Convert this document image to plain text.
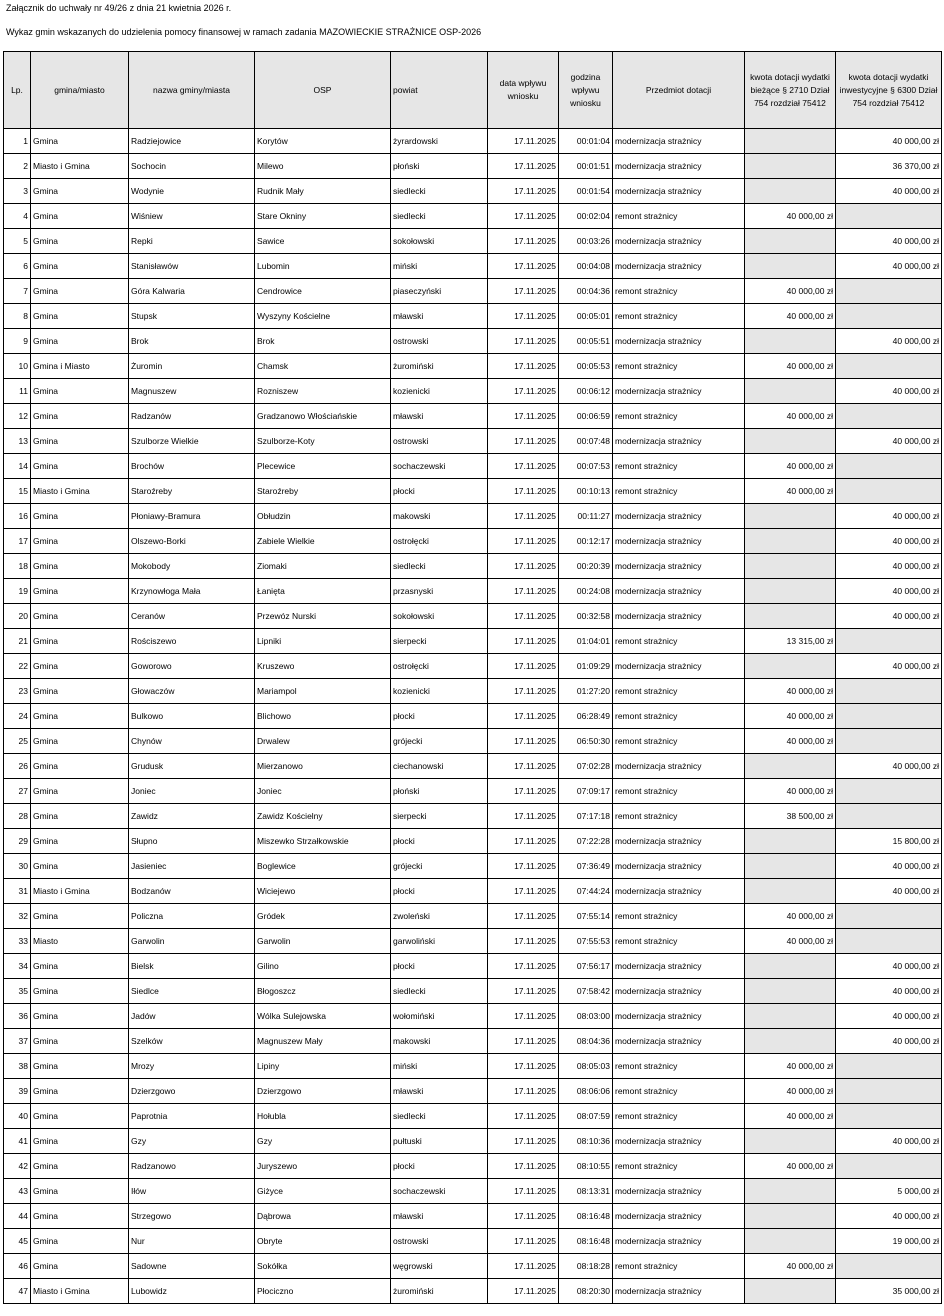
Załącznik do uchwały nr 49/26 z dnia 21 kwietnia 2026 r.
Wykaz gmin wskazanych do udzielenia pomocy finansowej w ramach zadania MAZOWIECKIE STRAŻNICE OSP-2026
Lp.	gmina/miasto	nazwa gminy/miasta	OSP	powiat	data wpływu wniosku	godzina wpływu wniosku	Przedmiot dotacji	kwota dotacji wydatki bieżące § 2710 Dział 754 rozdział 75412	kwota dotacji wydatki inwestycyjne § 6300 Dział 754 rozdział 75412
1	Gmina	Radziejowice	Korytów	żyrardowski	17.11.2025	00:01:04	modernizacja strażnicy		40 000,00 zł
2	Miasto i Gmina	Sochocin	Milewo	płoński	17.11.2025	00:01:51	modernizacja strażnicy		36 370,00 zł
3	Gmina	Wodynie	Rudnik Mały	siedlecki	17.11.2025	00:01:54	modernizacja strażnicy		40 000,00 zł
4	Gmina	Wiśniew	Stare Okniny	siedlecki	17.11.2025	00:02:04	remont strażnicy	40 000,00 zł	
5	Gmina	Repki	Sawice	sokołowski	17.11.2025	00:03:26	modernizacja strażnicy		40 000,00 zł
6	Gmina	Stanisławów	Lubomin	miński	17.11.2025	00:04:08	modernizacja strażnicy		40 000,00 zł
7	Gmina	Góra Kalwaria	Cendrowice	piaseczyński	17.11.2025	00:04:36	remont strażnicy	40 000,00 zł	
8	Gmina	Stupsk	Wyszyny Kościelne	mławski	17.11.2025	00:05:01	remont strażnicy	40 000,00 zł	
9	Gmina	Brok	Brok	ostrowski	17.11.2025	00:05:51	modernizacja strażnicy		40 000,00 zł
10	Gmina i Miasto	Żuromin	Chamsk	żuromiński	17.11.2025	00:05:53	remont strażnicy	40 000,00 zł	
11	Gmina	Magnuszew	Rozniszew	kozienicki	17.11.2025	00:06:12	modernizacja strażnicy		40 000,00 zł
12	Gmina	Radzanów	Gradzanowo Włościańskie	mławski	17.11.2025	00:06:59	remont strażnicy	40 000,00 zł	
13	Gmina	Szulborze Wielkie	Szulborze-Koty	ostrowski	17.11.2025	00:07:48	modernizacja strażnicy		40 000,00 zł
14	Gmina	Brochów	Plecewice	sochaczewski	17.11.2025	00:07:53	remont strażnicy	40 000,00 zł	
15	Miasto i Gmina	Staroźreby	Staroźreby	płocki	17.11.2025	00:10:13	remont strażnicy	40 000,00 zł	
16	Gmina	Płoniawy-Bramura	Obłudzin	makowski	17.11.2025	00:11:27	modernizacja strażnicy		40 000,00 zł
17	Gmina	Olszewo-Borki	Zabiele Wielkie	ostrołęcki	17.11.2025	00:12:17	modernizacja strażnicy		40 000,00 zł
18	Gmina	Mokobody	Ziomaki	siedlecki	17.11.2025	00:20:39	modernizacja strażnicy		40 000,00 zł
19	Gmina	Krzynowłoga Mała	Łanięta	przasnyski	17.11.2025	00:24:08	modernizacja strażnicy		40 000,00 zł
20	Gmina	Ceranów	Przewóz Nurski	sokołowski	17.11.2025	00:32:58	modernizacja strażnicy		40 000,00 zł
21	Gmina	Rościszewo	Lipniki	sierpecki	17.11.2025	01:04:01	remont strażnicy	13 315,00 zł	
22	Gmina	Goworowo	Kruszewo	ostrołęcki	17.11.2025	01:09:29	modernizacja strażnicy		40 000,00 zł
23	Gmina	Głowaczów	Mariampol	kozienicki	17.11.2025	01:27:20	remont strażnicy	40 000,00 zł	
24	Gmina	Bulkowo	Blichowo	płocki	17.11.2025	06:28:49	remont strażnicy	40 000,00 zł	
25	Gmina	Chynów	Drwalew	grójecki	17.11.2025	06:50:30	remont strażnicy	40 000,00 zł	
26	Gmina	Grudusk	Mierzanowo	ciechanowski	17.11.2025	07:02:28	modernizacja strażnicy		40 000,00 zł
27	Gmina	Joniec	Joniec	płoński	17.11.2025	07:09:17	remont strażnicy	40 000,00 zł	
28	Gmina	Zawidz	Zawidz Kościelny	sierpecki	17.11.2025	07:17:18	remont strażnicy	38 500,00 zł	
29	Gmina	Słupno	Miszewko Strzałkowskie	płocki	17.11.2025	07:22:28	modernizacja strażnicy		15 800,00 zł
30	Gmina	Jasieniec	Boglewice	grójecki	17.11.2025	07:36:49	modernizacja strażnicy		40 000,00 zł
31	Miasto i Gmina	Bodzanów	Wiciejewo	płocki	17.11.2025	07:44:24	modernizacja strażnicy		40 000,00 zł
32	Gmina	Policzna	Gródek	zwoleński	17.11.2025	07:55:14	remont strażnicy	40 000,00 zł	
33	Miasto	Garwolin	Garwolin	garwoliński	17.11.2025	07:55:53	remont strażnicy	40 000,00 zł	
34	Gmina	Bielsk	Gilino	płocki	17.11.2025	07:56:17	modernizacja strażnicy		40 000,00 zł
35	Gmina	Siedlce	Błogoszcz	siedlecki	17.11.2025	07:58:42	modernizacja strażnicy		40 000,00 zł
36	Gmina	Jadów	Wólka Sulejowska	wołomiński	17.11.2025	08:03:00	modernizacja strażnicy		40 000,00 zł
37	Gmina	Szelków	Magnuszew Mały	makowski	17.11.2025	08:04:36	modernizacja strażnicy		40 000,00 zł
38	Gmina	Mrozy	Lipiny	miński	17.11.2025	08:05:03	remont strażnicy	40 000,00 zł	
39	Gmina	Dzierzgowo	Dzierzgowo	mławski	17.11.2025	08:06:06	remont strażnicy	40 000,00 zł	
40	Gmina	Paprotnia	Hołubla	siedlecki	17.11.2025	08:07:59	remont strażnicy	40 000,00 zł	
41	Gmina	Gzy	Gzy	pułtuski	17.11.2025	08:10:36	modernizacja strażnicy		40 000,00 zł
42	Gmina	Radzanowo	Juryszewo	płocki	17.11.2025	08:10:55	remont strażnicy	40 000,00 zł	
43	Gmina	Iłów	Giżyce	sochaczewski	17.11.2025	08:13:31	modernizacja strażnicy		5 000,00 zł
44	Gmina	Strzegowo	Dąbrowa	mławski	17.11.2025	08:16:48	modernizacja strażnicy		40 000,00 zł
45	Gmina	Nur	Obryte	ostrowski	17.11.2025	08:16:48	modernizacja strażnicy		19 000,00 zł
46	Gmina	Sadowne	Sokółka	węgrowski	17.11.2025	08:18:28	remont strażnicy	40 000,00 zł	
47	Miasto i Gmina	Lubowidz	Płociczno	żuromiński	17.11.2025	08:20:30	modernizacja strażnicy		35 000,00 zł
